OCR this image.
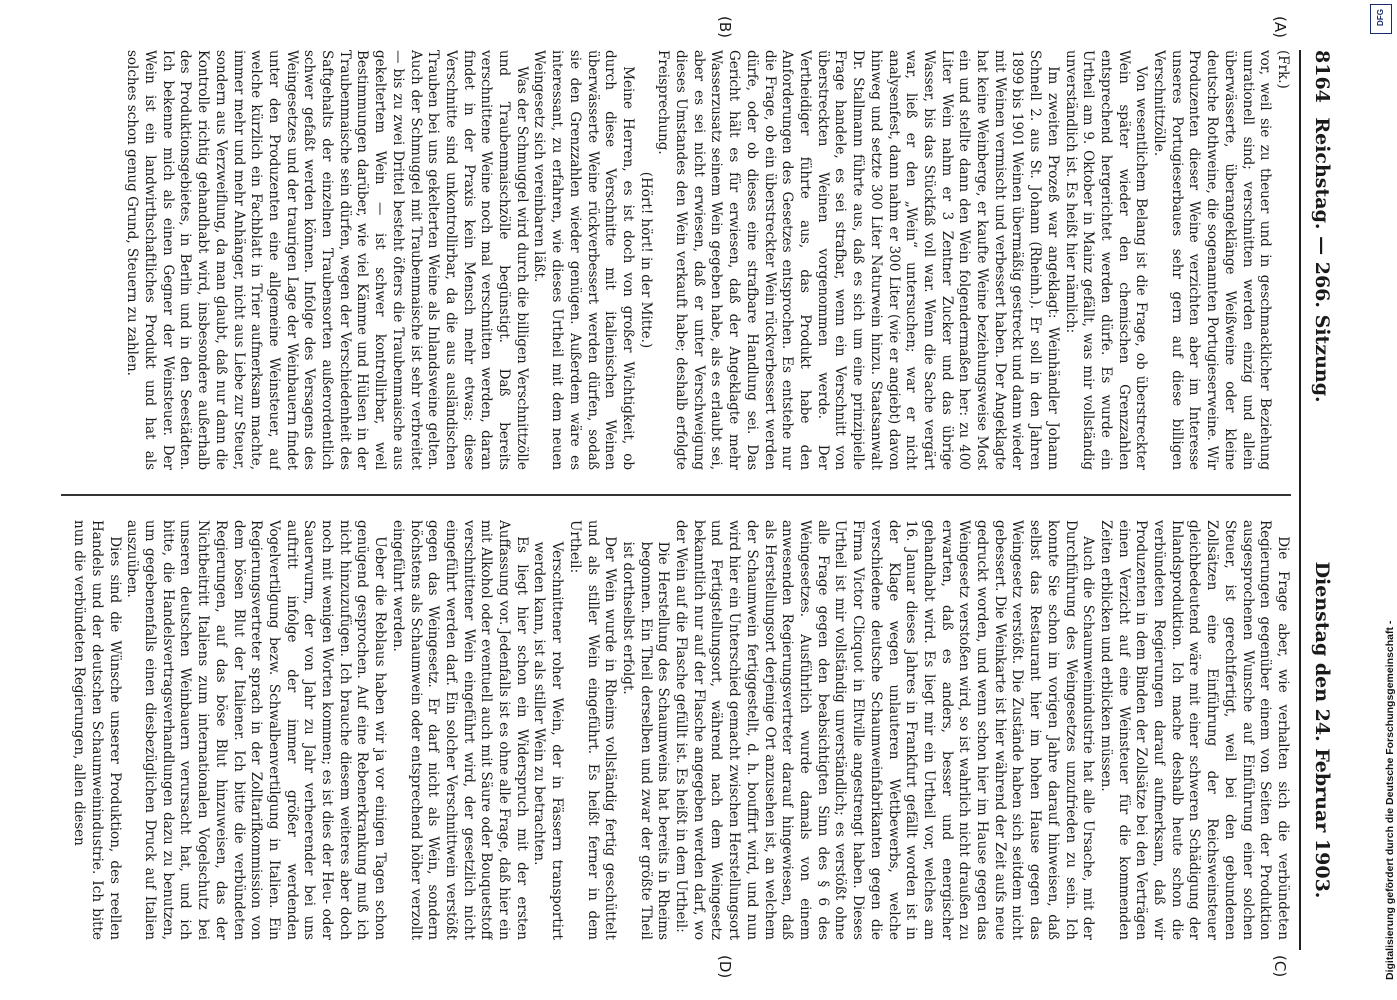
8164
Reichstag. — 266. Sitzung.
Dienstag den 24. Februar 1903.
(A)
(B)
(C)
(D)

(Frk.)

vor, weil sie zu theuer und in geschmacklicher Beziehung unrationell sind; verschnitten werden einzig und allein überwässerte, überangeklänge Weißweine oder kleine deutsche Rothweine, die sogenannten Portugieserweine. Wir Produzenten dieser Weine verzichten aber im Interesse unseres Portugieserbaues sehr gern auf diese billigen Verschnittzölle.

Von wesentlichem Belang ist die Frage, ob überstreckter Wein später wieder den chemischen Grenzzahlen entsprechend hergerichtet werden dürfe. Es wurde ein Urtheil am 9. Oktober in Mainz gefällt, was mir vollständig unverständlich ist. Es heißt hier nämlich:

Im zweiten Prozeß war angeklagt: Weinhändler Johann Schnell 2. aus St. Johann (Rheinh.). Er soll in den Jahren 1899 bis 1901 Weinen übermäßig gestreckt und dann wieder mit Weinen vermischt und verbessert haben. Der Angeklagte hat keine Weinberge, er kaufte Weine beziehungsweise Most ein und stellte dann den Wein folgendermaßen her: zu 400 Liter Wein nahm er 3 Zentner Zucker und das übrige Wasser, bis das Stückfaß voll war. Wenn die Sache vergärt war, ließ er den „Wein“ untersuchen; war er nicht analysenfest, dann nahm er 300 Liter (wie er angiebt) davon hinweg und setzte 300 Liter Naturwein hinzu. Staatsanwalt Dr. Stallmann führte aus, daß es sich um eine prinzipielle Frage handele, es sei strafbar, wenn ein Verschnitt von überstreckten Weinen vorgenommen werde. Der Vertheidiger führte aus, das Produkt habe den Anforderungen des Gesetzes entsprochen. Es entstehe nur die Frage, ob ein überstreckter Wein rückverbessert werden dürfe, oder ob dieses eine strafbare Handlung sei. Das Gericht hält es für erwiesen, daß der Angeklagte mehr Wasserzusatz seinem Wein gegeben habe, als es erlaubt sei, aber es sei nicht erwiesen, daß er unter Verschweigung dieses Umstandes den Wein verkauft habe; deshalb erfolgte Freisprechung.

(Hört! hört! in der Mitte.)

Meine Herren, es ist doch von großer Wichtigkeit, ob durch diese Verschnitte mit italienischen Weinen überwässerte Weine rückverbessert werden dürfen, sodaß sie den Grenzzahlen wieder genügen. Außerdem wäre es interessant, zu erfahren, wie dieses Urtheil mit dem neuen Weingesetz sich vereinbaren läßt.

Was der Schmuggel wird durch die billigen Verschnittzölle und Traubenmaischzölle begünstigt. Daß bereits verschnittene Weine noch mal verschnitten werden, daran findet in der Praxis kein Mensch mehr etwas; diese Verschnitte sind unkontrollirbar, da die aus ausländischen Trauben bei uns gekelterten Weine als Inlandsweine gelten. Auch der Schmuggel mit Traubenmaische ist sehr verbreitet — bis zu zwei Drittel besteht öfters die Traubenmaische aus gekeltertem Wein — ist schwer kontrollirbar, weil Bestimmungen darüber, wie viel Kämme und Hülsen in der Traubenmaische sein dürfen, wegen der Verschiedenheit des Saftgehalts der einzelnen Traubensorten außerordentlich schwer gefaßt werden können. Infolge des Versagens des Weingesetzes und der traurigen Lage der Weinbauern findet unter den Produzenten eine allgemeine Weinsteuer, auf welche kürzlich ein Fachblatt in Trier aufmerksam machte, immer mehr und mehr Anhänger, nicht aus Liebe zur Steuer, sondern aus Verzweiflung, da man glaubt, daß nur dann die Kontrolle richtig gehandhabt wird, insbesondere außerhalb des Produktionsgebietes, in Berlin und in den Seestädten. Ich bekenne mich als einen Gegner der Weinsteuer. Der Wein ist ein landwirthschaftliches Produkt und hat als solches schon genug Grund, Steuern zu zahlen.

Die Frage aber, wie verhalten sich die verbündeten Regierungen gegenüber einem von Seiten der Produktion ausgesprochenen Wunsche auf Einführung einer solchen Steuer, ist gerechtfertigt, weil bei den gebundenen Zollsätzen eine Einführung der Reichsweinsteuer gleichbedeutend wäre mit einer schweren Schädigung der Inlandsproduktion. Ich mache deshalb heute schon die verbündeten Regierungen darauf aufmerksam, daß wir Produzenten in dem Binden der Zollsätze bei den Verträgen einen Verzicht auf eine Weinsteuer für die kommenden Zeiten erblicken und erblicken müssen.

Auch die Schaumweinindustrie hat alle Ursache, mit der Durchführung des Weingesetzes unzufrieden zu sein. Ich konnte Sie schon im vorigen Jahre darauf hinweisen, daß selbst das Restaurant hier im hohen Hause gegen das Weingesetz verstößt. Die Zustände haben sich seitdem nicht gebessert. Die Weinkarte ist hier während der Zeit aufs neue gedruckt worden, und wenn schon hier im Hause gegen das Weingesetz verstoßen wird, so ist wahrlich nicht draußen zu erwarten, daß es anders, besser und energischer gehandhabt wird. Es liegt mir ein Urtheil vor, welches am 16. Januar dieses Jahres in Frankfurt gefällt worden ist in der Klage wegen unlauteren Wettbewerbs, welche verschiedene deutsche Schaumweinfabrikanten gegen die Firma Victor Clicquot in Eltville angestrengt haben. Dieses Urtheil ist mir vollständig unverständlich; es verstößt ohne alle Frage gegen den beabsichtigten Sinn des § 6 des Weingesetzes. Ausführlich wurde damals von einem anwesenden Regierungsvertreter darauf hingewiesen, daß als Herstellungsort derjenige Ort anzusehen ist, an welchem der Schaumwein fertiggestellt, d. h. bouffirt wird, und nun wird hier ein Unterschied gemacht zwischen Herstellungsort und Fertigstellungsort, während nach dem Weingesetz bekanntlich nur auf der Flasche angegeben werden darf, wo der Wein auf die Flasche gefüllt ist. Es heißt in dem Urtheil:

Die Herstellung des Schaumweins hat bereits in Rheims begonnen. Ein Theil derselben und zwar der größte Theil ist dorthselbst erfolgt.

Der Wein wurde in Rheims vollständig fertig geschüttelt und als stiller Wein eingeführt. Es heißt ferner in dem Urtheil:

Verschnittener roher Wein, der in Fässern transportirt werden kann, ist als stiller Wein zu betrachten.

Es liegt hier schon ein Widerspruch mit der ersten Auffassung vor. Jedenfalls ist es ohne alle Frage, daß hier ein mit Alkohol oder eventuell auch mit Säure oder Bouquetstoff verschnittener Wein eingeführt wird, der gesetzlich nicht eingeführt werden darf. Ein solcher Verschnittwein verstößt gegen das Weingesetz. Er darf nicht als Wein, sondern höchstens als Schaumwein oder entsprechend höher verzollt eingeführt werden.

Ueber die Reblaus haben wir ja vor einigen Tagen schon genügend gesprochen. Auf eine Rebenerkrankung muß ich nicht hinzuzufügen. Ich brauche diesem weiteres aber doch noch mit wenigen Worten kommen; es ist dies der Heu- oder Sauerwurm, der von Jahr zu Jahr verheerender bei uns auftritt infolge der immer größer werdenden Vogelvertilgung bezw. Schwalbenvertilgung in Italien. Ein Regierungsvertreter sprach in der Zolltarifkommission von dem bösen Blut der Italiener. Ich bitte die verbündeten Regierungen, auf das böse Blut hinzuweisen, das der Nichtbeitritt Italiens zum internationalen Vogelschutz bei unseren deutschen Weinbauern verursacht hat, und ich bitte, die Handelsvertragsverhandlungen dazu zu benutzen, um gegebenenfalls einen diesbezüglichen Druck auf Italien auszuüben.

Dies sind die Wünsche unserer Produktion, des reellen Handels und der deutschen Schaumweinindustrie. Ich bitte nun die verbündeten Regierungen, allen diesen	Digitalisierung gefördert durch die Deutsche Forschungsgemeinschaft -
DFG
